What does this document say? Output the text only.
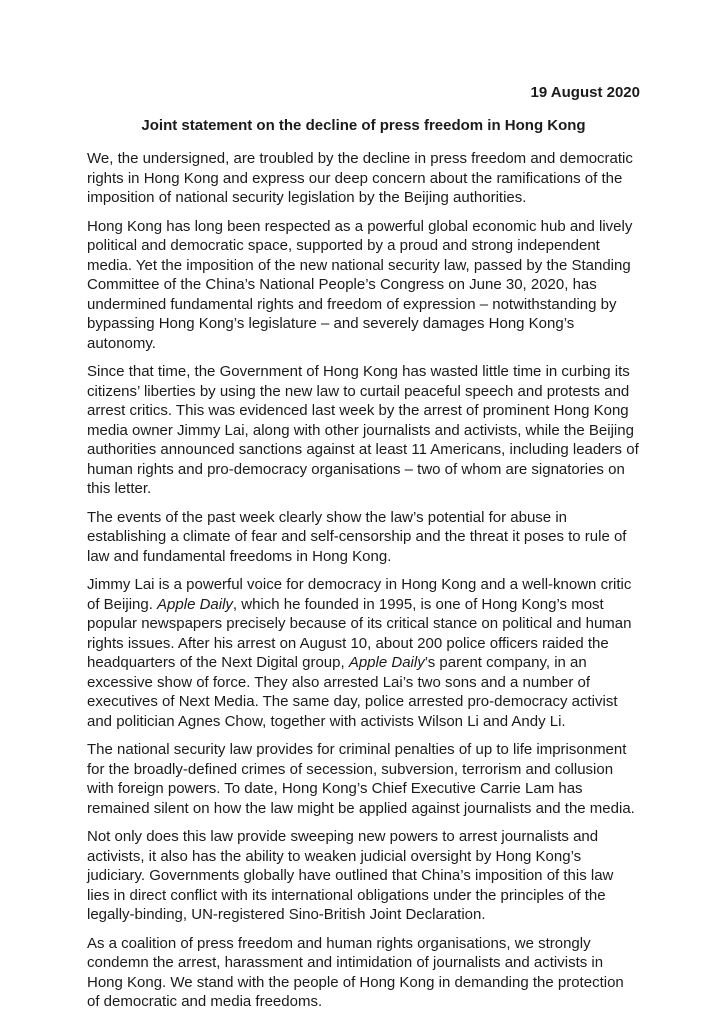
19 August 2020
Joint statement on the decline of press freedom in Hong Kong

We, the undersigned, are troubled by the decline in press freedom and democratic rights in Hong Kong and express our deep concern about the ramifications of the imposition of national security legislation by the Beijing authorities.

Hong Kong has long been respected as a powerful global economic hub and lively political and democratic space, supported by a proud and strong independent media. Yet the imposition of the new national security law, passed by the Standing Committee of the China’s National People’s Congress on June 30, 2020, has undermined fundamental rights and freedom of expression – notwithstanding by bypassing Hong Kong’s legislature – and severely damages Hong Kong’s autonomy.

Since that time, the Government of Hong Kong has wasted little time in curbing its citizens’ liberties by using the new law to curtail peaceful speech and protests and arrest critics. This was evidenced last week by the arrest of prominent Hong Kong media owner Jimmy Lai, along with other journalists and activists, while the Beijing authorities announced sanctions against at least 11 Americans, including leaders of human rights and pro-democracy organisations – two of whom are signatories on this letter.

The events of the past week clearly show the law’s potential for abuse in establishing a climate of fear and self-censorship and the threat it poses to rule of law and fundamental freedoms in Hong Kong.

Jimmy Lai is a powerful voice for democracy in Hong Kong and a well-known critic of Beijing. Apple Daily, which he founded in 1995, is one of Hong Kong’s most popular newspapers precisely because of its critical stance on political and human rights issues. After his arrest on August 10, about 200 police officers raided the headquarters of the Next Digital group, Apple Daily’s parent company, in an excessive show of force. They also arrested Lai’s two sons and a number of executives of Next Media. The same day, police arrested pro-democracy activist and politician Agnes Chow, together with activists Wilson Li and Andy Li.

The national security law provides for criminal penalties of up to life imprisonment for the broadly-defined crimes of secession, subversion, terrorism and collusion with foreign powers. To date, Hong Kong’s Chief Executive Carrie Lam has remained silent on how the law might be applied against journalists and the media.

Not only does this law provide sweeping new powers to arrest journalists and activists, it also has the ability to weaken judicial oversight by Hong Kong’s judiciary. Governments globally have outlined that China’s imposition of this law lies in direct conflict with its international obligations under the principles of the legally-binding, UN-registered Sino-British Joint Declaration.

As a coalition of press freedom and human rights organisations, we strongly condemn the arrest, harassment and intimidation of journalists and activists in Hong Kong. We stand with the people of Hong Kong in demanding the protection of democratic and media freedoms.
